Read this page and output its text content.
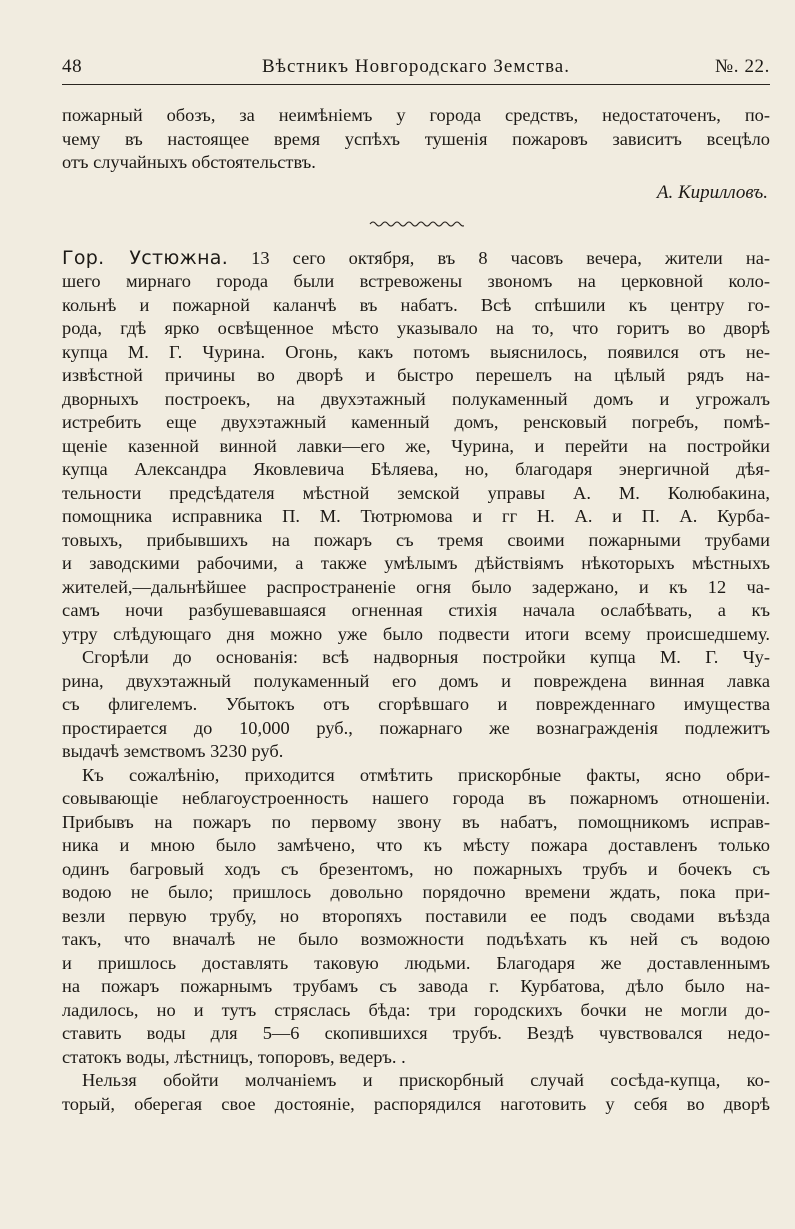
48	Вѣстникъ Новгородскаго Земства.	№. 22.

пожарный обозъ, за неимѣніемъ у города средствъ, недостаточенъ, по-

чему въ настоящее время успѣхъ тушенія пожаровъ зависитъ всецѣло

отъ случайныхъ обстоятельствъ.

А. Кирилловъ.

Гор. Устюжна. 13 сего октября, въ 8 часовъ вечера, жители на-

шего мирнаго города были встревожены звономъ на церковной коло-

кольнѣ и пожарной каланчѣ въ набатъ. Всѣ спѣшили къ центру го-

рода, гдѣ ярко освѣщенное мѣсто указывало на то, что горитъ во дворѣ

купца М. Г. Чурина. Огонь, какъ потомъ выяснилось, появился отъ не-

извѣстной причины во дворѣ и быстро перешелъ на цѣлый рядъ на-

дворныхъ построекъ, на двухэтажный полукаменный домъ и угрожалъ

истребить еще двухэтажный каменный домъ, ренсковый погребъ, помѣ-

щеніе казенной винной лавки—его же, Чурина, и перейти на постройки

купца Александра Яковлевича Бѣляева, но, благодаря энергичной дѣя-

тельности предсѣдателя мѣстной земской управы А. М. Колюбакина,

помощника исправника П. М. Тютрюмова и гг Н. А. и П. А. Курба-

товыхъ, прибывшихъ на пожаръ съ тремя своими пожарными трубами

и заводскими рабочими, а также умѣлымъ дѣйствіямъ нѣкоторыхъ мѣстныхъ

жителей,—дальнѣйшее распространеніе огня было задержано, и къ 12 ча-

самъ ночи разбушевавшаяся огненная стихія начала ослабѣвать, а къ

утру слѣдующаго дня можно уже было подвести итоги всему происшедшему.

Сгорѣли до основанія: всѣ надворныя постройки купца М. Г. Чу-

рина, двухэтажный полукаменный его домъ и повреждена винная лавка

съ флигелемъ. Убытокъ отъ сгорѣвшаго и поврежденнаго имущества

простирается до 10,000 руб., пожарнаго же вознагражденія подлежитъ

выдачѣ земствомъ 3230 руб.

Къ сожалѣнію, приходится отмѣтить прискорбные факты, ясно обри-

совывающіе неблагоустроенность нашего города въ пожарномъ отношеніи.

Прибывъ на пожаръ по первому звону въ набатъ, помощникомъ исправ-

ника и мною было замѣчено, что къ мѣсту пожара доставленъ только

одинъ багровый ходъ съ брезентомъ, но пожарныхъ трубъ и бочекъ съ

водою не было; пришлось довольно порядочно времени ждать, пока при-

везли первую трубу, но второпяхъ поставили ее подъ сводами въѣзда

такъ, что вначалѣ не было возможности подъѣхать къ ней съ водою

и пришлось доставлять таковую людьми. Благодаря же доставленнымъ

на пожаръ пожарнымъ трубамъ съ завода г. Курбатова, дѣло было на-

ладилось, но и тутъ стряслась бѣда: три городскихъ бочки не могли до-

ставить воды для 5—6 скопившихся трубъ. Вездѣ чувствовался недо-

статокъ воды, лѣстницъ, топоровъ, ведеръ. .

Нельзя обойти молчаніемъ и прискорбный случай сосѣда-купца, ко-

торый, оберегая свое достояніе, распорядился наготовить у себя во дворѣ
